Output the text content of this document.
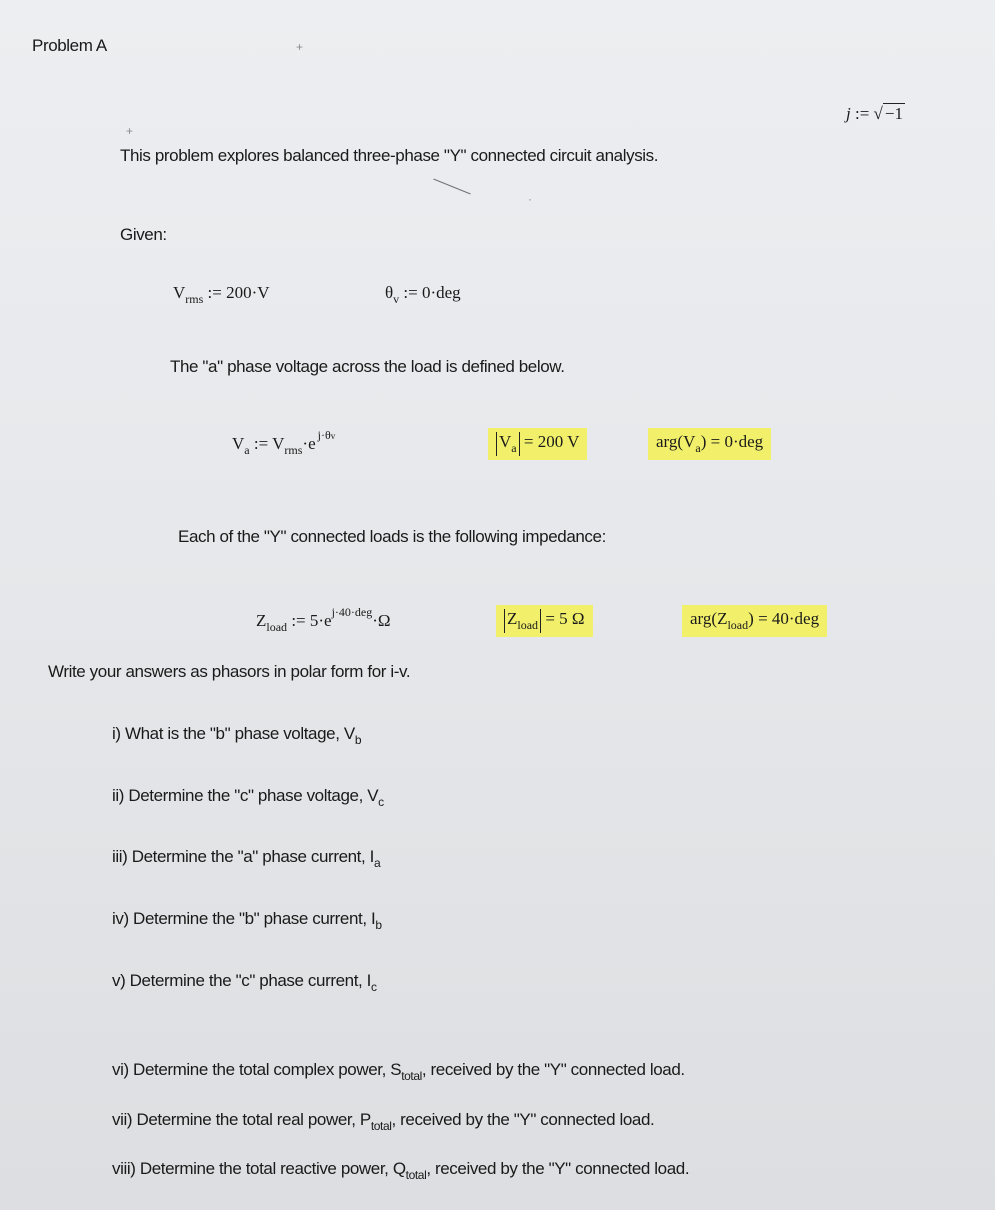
Problem A
j := √ −1
This problem explores balanced three-phase "Y" connected circuit analysis.
Given:
$V_{rms}$ := 200·V	$\theta_v$ := 0·deg
The "a" phase voltage across the load is defined below.
$V_a$ := $V_{rms}\cdot e$ $^{j\cdot\theta v}$	$V_a = 200$ V	$arg(V_a) = 0\cdot deg$
Each of the "Y" connected loads is the following impedance:
$Z_{load}$ := $5\cdot e^{j\cdot 40\cdot deg}\cdot\Omega$	$Z_{load} = 5$ Ω	$arg(Z_{load}) = 40\cdot deg$
Write your answers as phasors in polar form for i-v.
i) What is the "b" phase voltage, $V_b$
ii) Determine the "c" phase voltage, $V_c$
iii) Determine the "a" phase current, $I_a$
iv) Determine the "b" phase current, $I_b$
v) Determine the "c" phase current, $I_c$
vi) Determine the total complex power, $S_{total}$, received by the "Y" connected load.
vii) Determine the total real power, $P_{total}$, received by the "Y" connected load.
viii) Determine the total reactive power, $Q_{total}$, received by the "Y" connected load.
+
+
·
